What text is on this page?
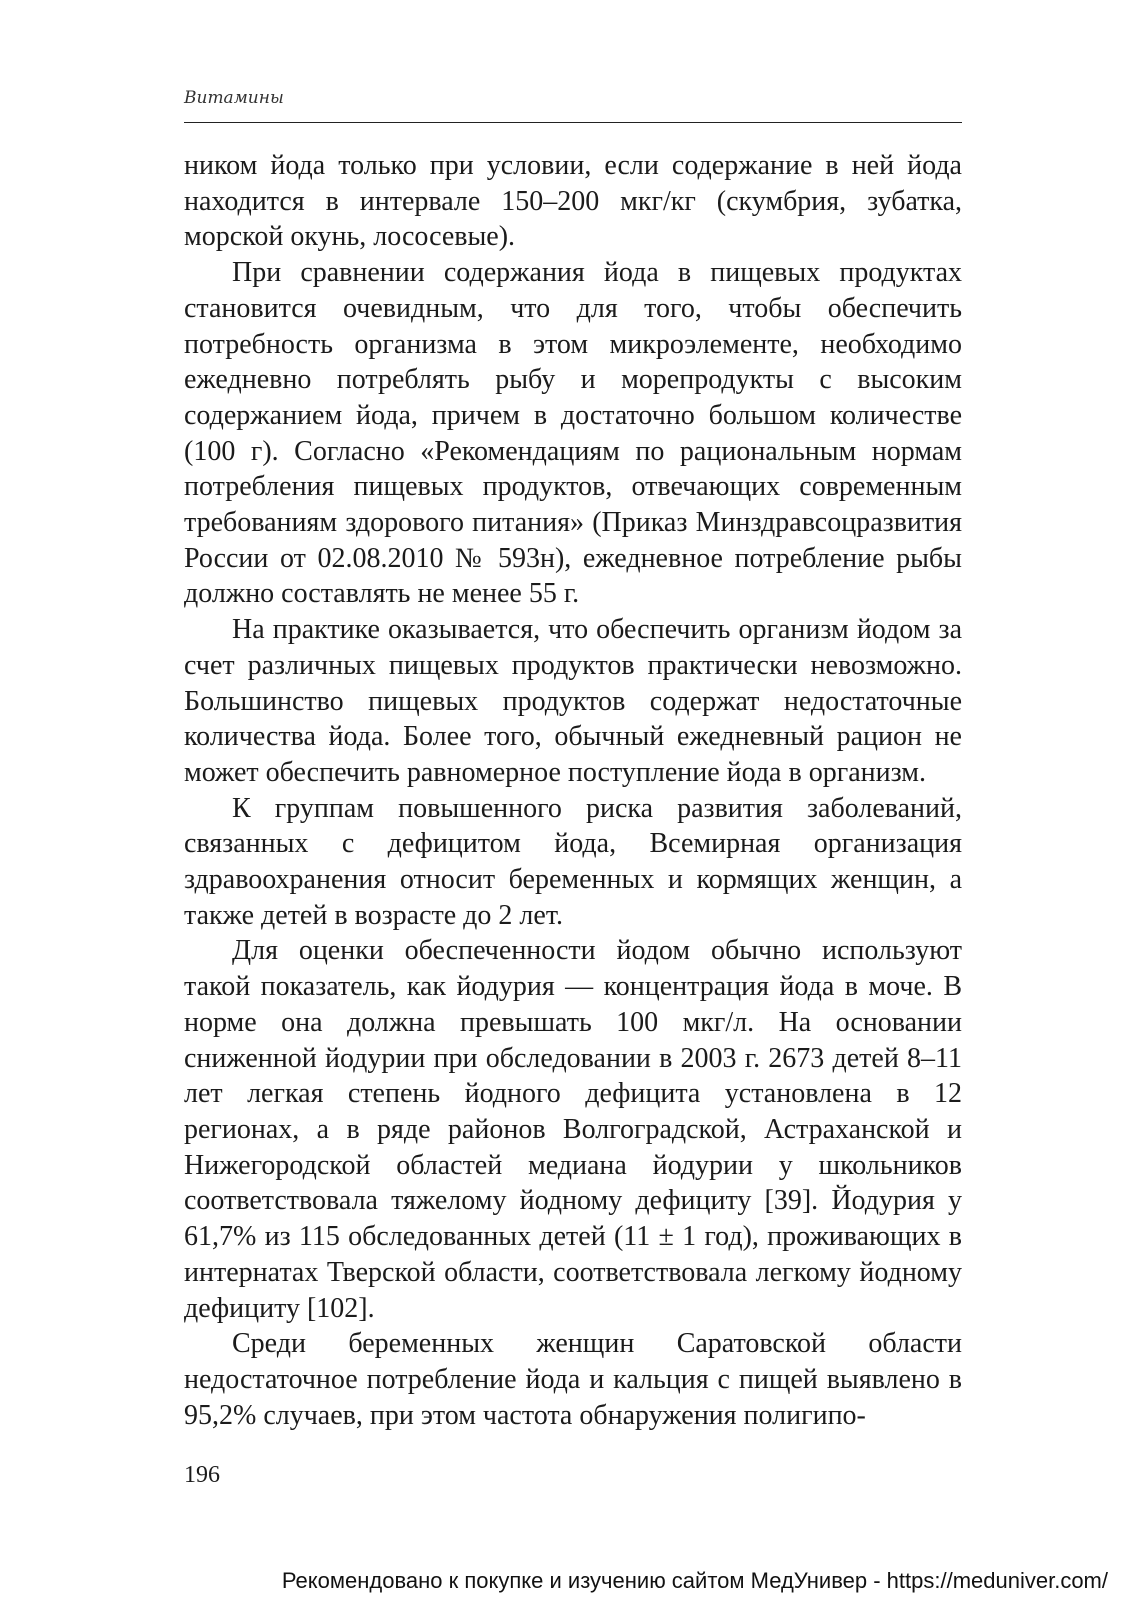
Витамины

ником йода только при условии, если содержание в ней йода находится в интервале 150–200 мкг/кг (скумбрия, зубатка, морской окунь, лососевые).

При сравнении содержания йода в пищевых продуктах становится очевидным, что для того, чтобы обеспечить потребность организма в этом микроэлементе, необходимо ежедневно потреблять рыбу и морепродукты с высоким содержанием йода, причем в достаточно большом количестве (100 г). Согласно «Рекомендациям по рациональным нормам потребления пищевых продуктов, отвечающих современным требованиям здорового питания» (Приказ Минздравсоцразвития России от 02.08.2010 № 593н), ежедневное потребление рыбы должно составлять не менее 55 г.

На практике оказывается, что обеспечить организм йодом за счет различных пищевых продуктов практически невозможно. Большинство пищевых продуктов содержат недостаточные количества йода. Более того, обычный ежедневный рацион не может обеспечить равномерное поступление йода в организм.

К группам повышенного риска развития заболеваний, связанных с дефицитом йода, Всемирная организация здравоохранения относит беременных и кормящих женщин, а также детей в возрасте до 2 лет.

Для оценки обеспеченности йодом обычно используют такой показатель, как йодурия — концентрация йода в моче. В норме она должна превышать 100 мкг/л. На основании сниженной йодурии при обследовании в 2003 г. 2673 детей 8–11 лет легкая степень йодного дефицита установлена в 12 регионах, а в ряде районов Волгоградской, Астраханской и Нижегородской областей медиана йодурии у школьников соответствовала тяжелому йодному дефициту [39]. Йодурия у 61,7% из 115 обследованных детей (11 ± 1 год), проживающих в интернатах Тверской области, соответствовала легкому йодному дефициту [102].

Среди беременных женщин Саратовской области недостаточное потребление йода и кальция с пищей выявлено в 95,2% случаев, при этом частота обнаружения полигипо-

196
Рекомендовано к покупке и изучению сайтом МедУнивер - https://meduniver.com/
